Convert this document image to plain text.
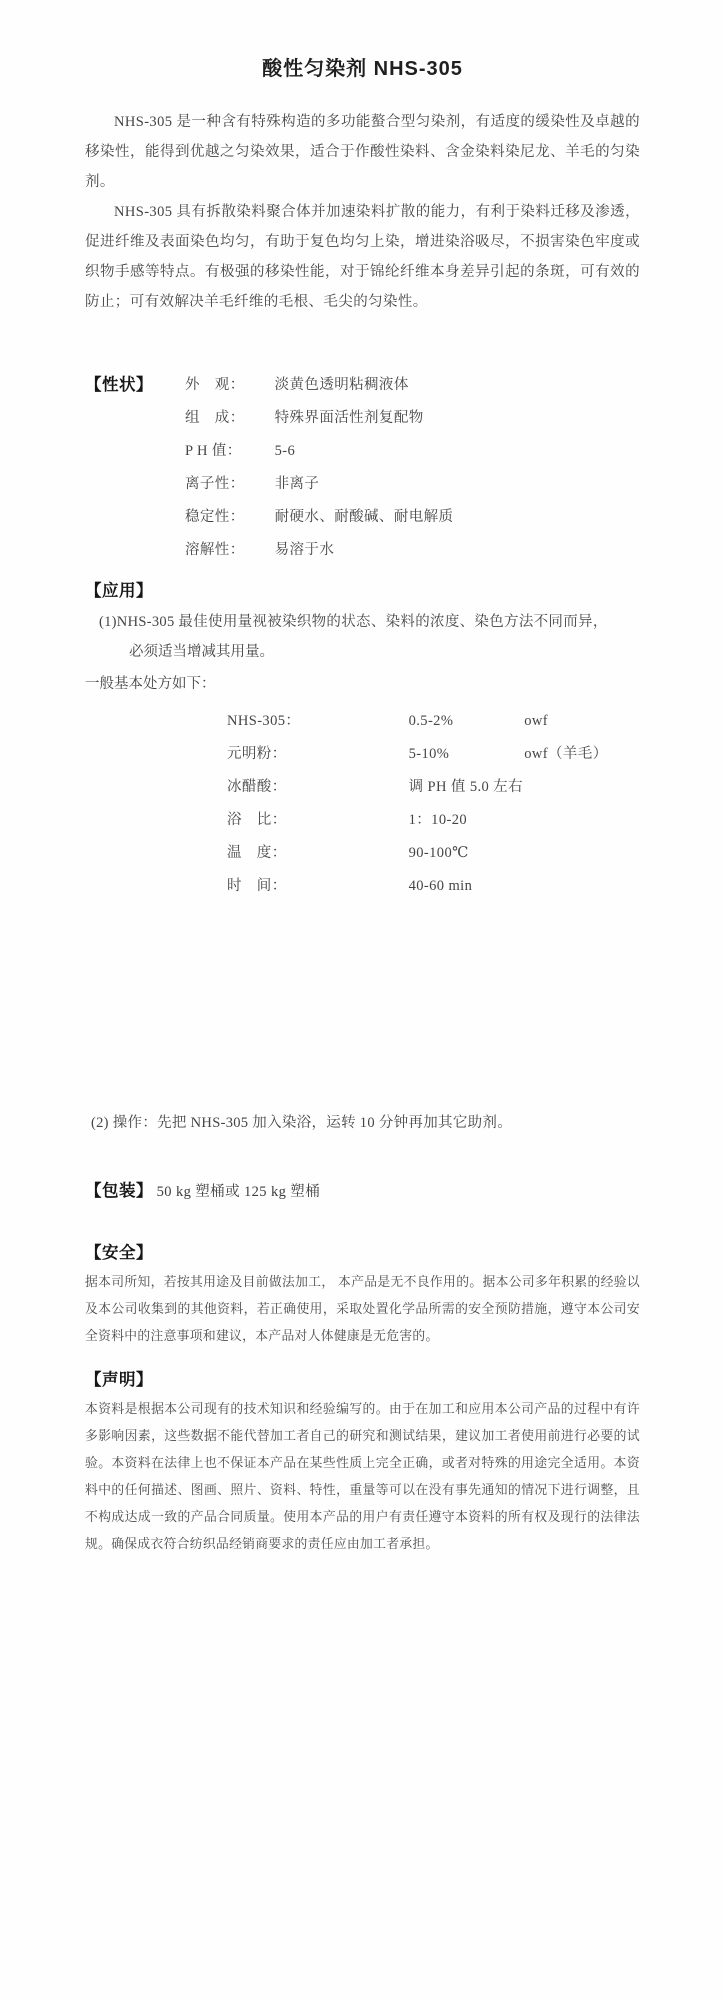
酸性匀染剂 NHS-305

NHS-305 是一种含有特殊构造的多功能螯合型匀染剂，有适度的缓染性及卓越的移染性，能得到优越之匀染效果，适合于作酸性染料、含金染料染尼龙、羊毛的匀染剂。

NHS-305 具有拆散染料聚合体并加速染料扩散的能力，有利于染料迁移及渗透，促进纤维及表面染色均匀，有助于复色均匀上染，增进染浴吸尽，不损害染色牢度或织物手感等特点。有极强的移染性能，对于锦纶纤维本身差异引起的条斑，可有效的防止；可有效解决羊毛纤维的毛根、毛尖的匀染性。

【性状】	外　观： 淡黄色透明粘稠液体
组　成： 特殊界面活性剂复配物
P H 值： 5-6
离子性： 非离子
稳定性： 耐硬水、耐酸碱、耐电解质
溶解性： 易溶于水
【应用】

(1)NHS-305 最佳使用量视被染织物的状态、染料的浓度、染色方法不同而异，

必须适当增减其用量。

一般基本处方如下：

NHS-305：	0.5-2%	owf
元明粉：	5-10%	owf（羊毛）
冰醋酸：	调 PH 值 5.0 左右
浴　比：	1：10-20
温　度：	90-100℃
时　间：	40-60 min

(2) 操作：先把 NHS-305 加入染浴，运转 10 分钟再加其它助剂。

【包装】 50 kg 塑桶或 125 kg 塑桶
【安全】

据本司所知，若按其用途及目前做法加工， 本产品是无不良作用的。据本公司多年积累的经验以及本公司收集到的其他资料，若正确使用，采取处置化学品所需的安全预防措施，遵守本公司安全资料中的注意事项和建议，本产品对人体健康是无危害的。

【声明】

本资料是根据本公司现有的技术知识和经验编写的。由于在加工和应用本公司产品的过程中有许多影响因素，这些数据不能代替加工者自己的研究和测试结果，建议加工者使用前进行必要的试验。本资料在法律上也不保证本产品在某些性质上完全正确，或者对特殊的用途完全适用。本资料中的任何描述、图画、照片、资料、特性，重量等可以在没有事先通知的情况下进行调整，且不构成达成一致的产品合同质量。使用本产品的用户有责任遵守本资料的所有权及现行的法律法规。确保成衣符合纺织品经销商要求的责任应由加工者承担。
